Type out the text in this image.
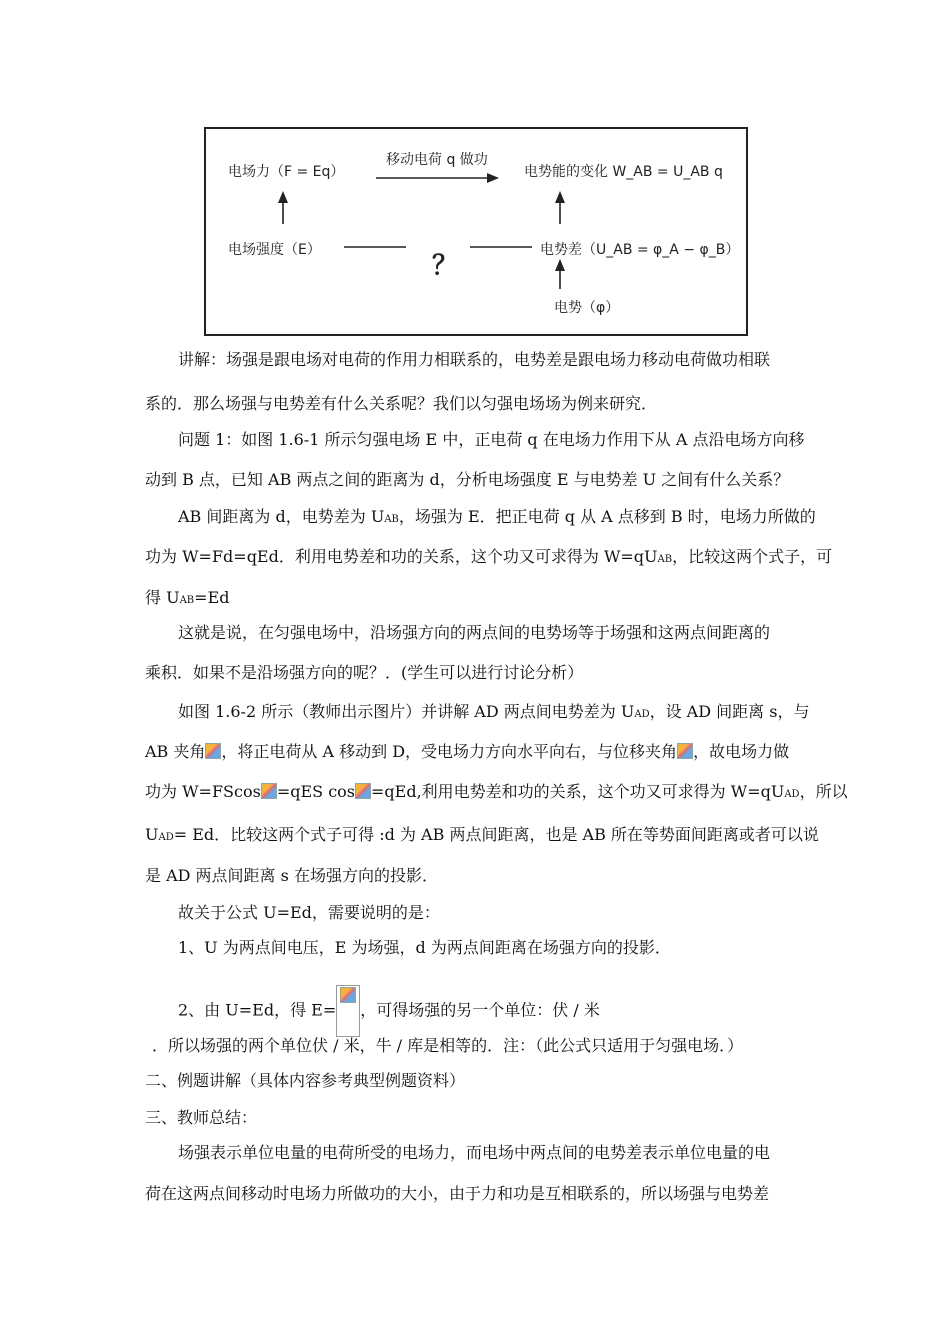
电场力（F = Eq）
移动电荷 q 做功
电势能的变化 W_AB = U_AB q
电场强度（E）
？
电势差（U_AB = φ_A − φ_B）
电势（φ）
讲解：场强是跟电场对电荷的作用力相联系的，电势差是跟电场力移动电荷做功相联
系的．那么场强与电势差有什么关系呢？我们以匀强电场场为例来研究．
问题 1：如图 1.6-1 所示匀强电场 E 中，正电荷 q 在电场力作用下从 A 点沿电场方向移
动到 B 点，已知 AB 两点之间的距离为 d，分析电场强度 E 与电势差 U 之间有什么关系？
AB 间距离为 d，电势差为 UAB，场强为 E．把正电荷 q 从 A 点移到 B 时，电场力所做的
功为 W=Fd=qEd．利用电势差和功的关系，这个功又可求得为 W=qUAB，比较这两个式子，可
得 UAB=Ed
这就是说，在匀强电场中，沿场强方向的两点间的电势场等于场强和这两点间距离的
乘积．如果不是沿场强方向的呢？．(学生可以进行讨论分析）
如图 1.6-2 所示（教师出示图片）并讲解 AD 两点间电势差为 UAD，设 AD 间距离 s，与
AB 夹角 ，将正电荷从 A 移动到 D，受电场力方向水平向右，与位移夹角 ，故电场力做
功为 W=FScos =qES cos =qEd,利用电势差和功的关系，这个功又可求得为 W=qUAD，所以
UAD= Ed．比较这两个式子可得 :d 为 AB 两点间距离，也是 AB 所在等势面间距离或者可以说
是 AD 两点间距离 s 在场强方向的投影．
故关于公式 U=Ed，需要说明的是：
1、U 为两点间电压，E 为场强，d 为两点间距离在场强方向的投影．
2、由 U=Ed，得 E= ，可得场强的另一个单位：伏 / 米
．所以场强的两个单位伏 / 米，牛 / 库是相等的．注：（此公式只适用于匀强电场．）
二、例题讲解（具体内容参考典型例题资料）
三、教师总结：
场强表示单位电量的电荷所受的电场力，而电场中两点间的电势差表示单位电量的电
荷在这两点间移动时电场力所做功的大小，由于力和功是互相联系的，所以场强与电势差
